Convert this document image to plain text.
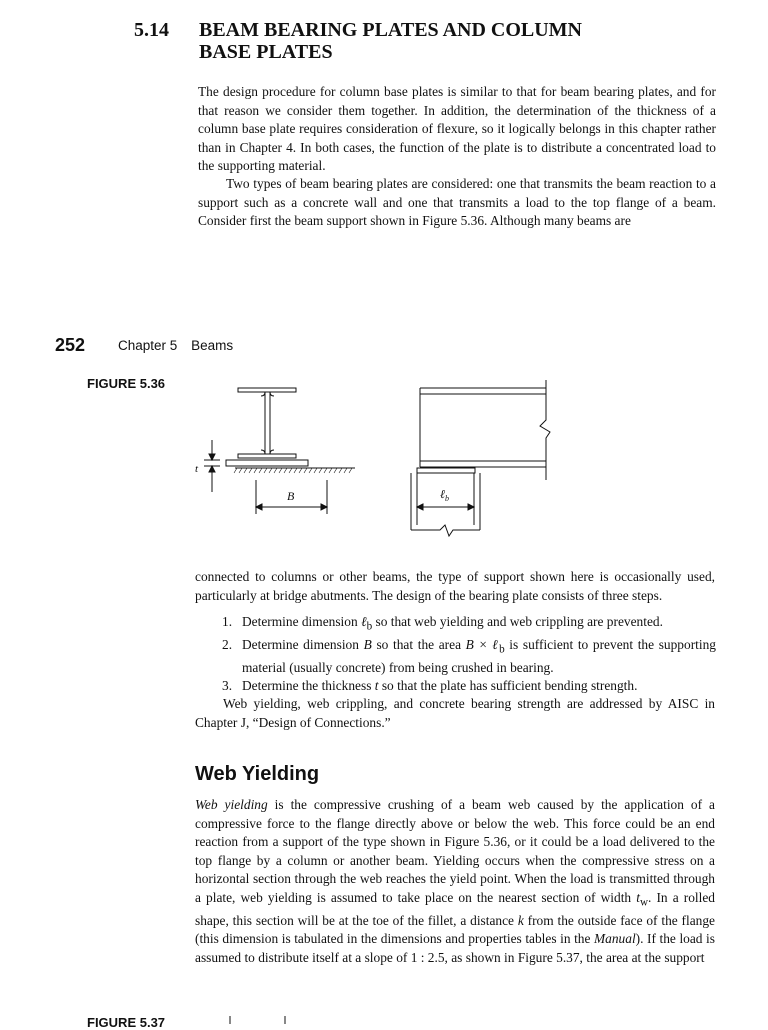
5.14 BEAM BEARING PLATES AND COLUMN
BASE PLATES
The design procedure for column base plates is similar to that for beam bearing plates, and for that reason we consider them together. In addition, the determination of the thickness of a column base plate requires consideration of flexure, so it logically belongs in this chapter rather than in Chapter 4. In both cases, the function of the plate is to distribute a concentrated load to the supporting material.
Two types of beam bearing plates are considered: one that transmits the beam reaction to a support such as a concrete wall and one that transmits a load to the top flange of a beam. Consider first the beam support shown in Figure 5.36. Although many beams are
252 Chapter 5 Beams
FIGURE 5.36
t
B	ℓ$_b$
connected to columns or other beams, the type of support shown here is occasionally used, particularly at bridge abutments. The design of the bearing plate consists of three steps.
1. Determine dimension ℓ$_b$ so that web yielding and web crippling are prevented.
2. Determine dimension B so that the area B × ℓ$_b$ is sufficient to prevent the supporting material (usually concrete) from being crushed in bearing.
3. Determine the thickness t so that the plate has sufficient bending strength.
Web yielding, web crippling, and concrete bearing strength are addressed by AISC in Chapter J, “Design of Connections.”
Web Yielding
Web yielding is the compressive crushing of a beam web caused by the application of a compressive force to the flange directly above or below the web. This force could be an end reaction from a support of the type shown in Figure 5.36, or it could be a load delivered to the top flange by a column or another beam. Yielding occurs when the compressive stress on a horizontal section through the web reaches the yield point. When the load is transmitted through a plate, web yielding is assumed to take place on the nearest section of width $t_w$. In a rolled shape, this section will be at the toe of the fillet, a distance k from the outside face of the flange (this dimension is tabulated in the dimensions and properties tables in the Manual). If the load is assumed to distribute itself at a slope of 1 : 2.5, as shown in Figure 5.37, the area at the support
FIGURE 5.37
